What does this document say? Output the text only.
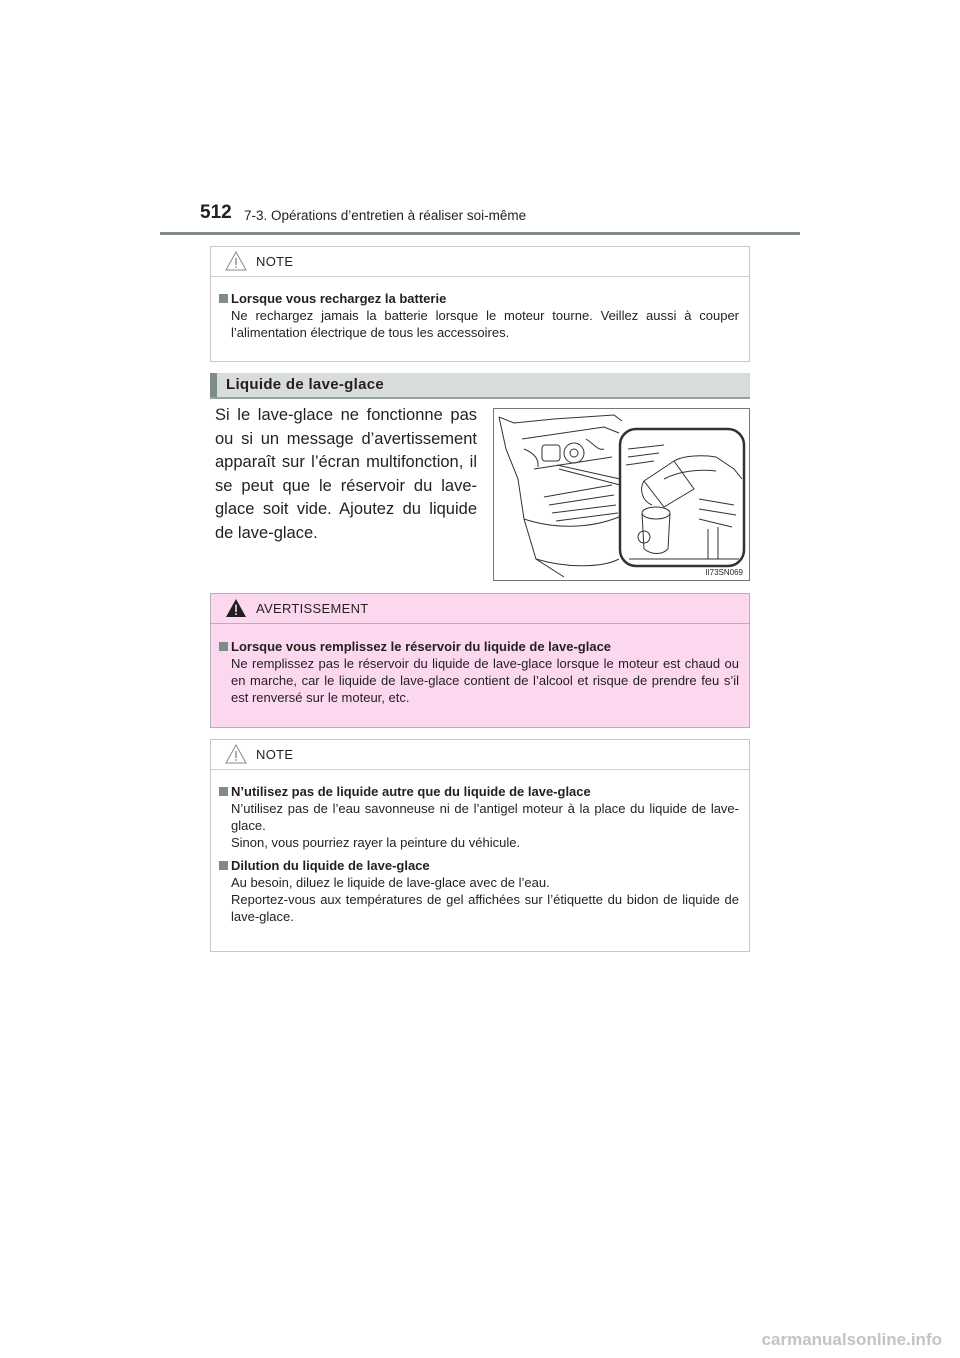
512 7-3. Opérations d’entretien à réaliser soi-même
NOTE
Lorsque vous rechargez la batterie
Ne rechargez jamais la batterie lorsque le moteur tourne. Veillez aussi à couper l’alimentation électrique de tous les accessoires.
Liquide de lave-glace
Si le lave-glace ne fonctionne pas ou si un message d’avertissement apparaît sur l’écran multifonction, il se peut que le réservoir du lave-glace soit vide. Ajoutez du liquide de lave-glace.
II73SN069
AVERTISSEMENT
Lorsque vous remplissez le réservoir du liquide de lave-glace
Ne remplissez pas le réservoir du liquide de lave-glace lorsque le moteur est chaud ou en marche, car le liquide de lave-glace contient de l’alcool et risque de prendre feu s’il est renversé sur le moteur, etc.
NOTE
N’utilisez pas de liquide autre que du liquide de lave-glace
N’utilisez pas de l’eau savonneuse ni de l’antigel moteur à la place du liquide de lave-glace.
Sinon, vous pourriez rayer la peinture du véhicule.
Dilution du liquide de lave-glace
Au besoin, diluez le liquide de lave-glace avec de l’eau.
Reportez-vous aux températures de gel affichées sur l’étiquette du bidon de liquide de lave-glace.
carmanualsonline.info
